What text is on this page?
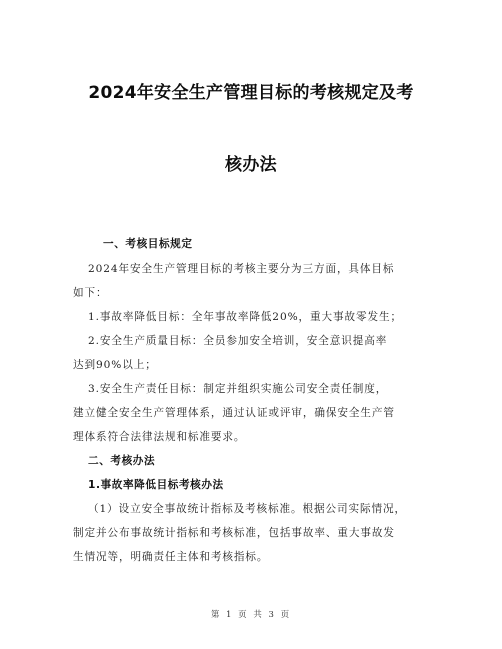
2024年安全生产管理目标的考核规定及考
核办法
一、考核目标规定
2024年安全生产管理目标的考核主要分为三方面，具体目标
如下：
1.事故率降低目标：全年事故率降低20%，重大事故零发生；
2.安全生产质量目标：全员参加安全培训，安全意识提高率
达到90%以上；
3.安全生产责任目标：制定并组织实施公司安全责任制度，
建立健全安全生产管理体系，通过认证或评审，确保安全生产管
理体系符合法律法规和标准要求。
二、考核办法
1.事故率降低目标考核办法
（1）设立安全事故统计指标及考核标准。根据公司实际情况，
制定并公布事故统计指标和考核标准，包括事故率、重大事故发
生情况等，明确责任主体和考核指标。
第 1 页 共 3 页
